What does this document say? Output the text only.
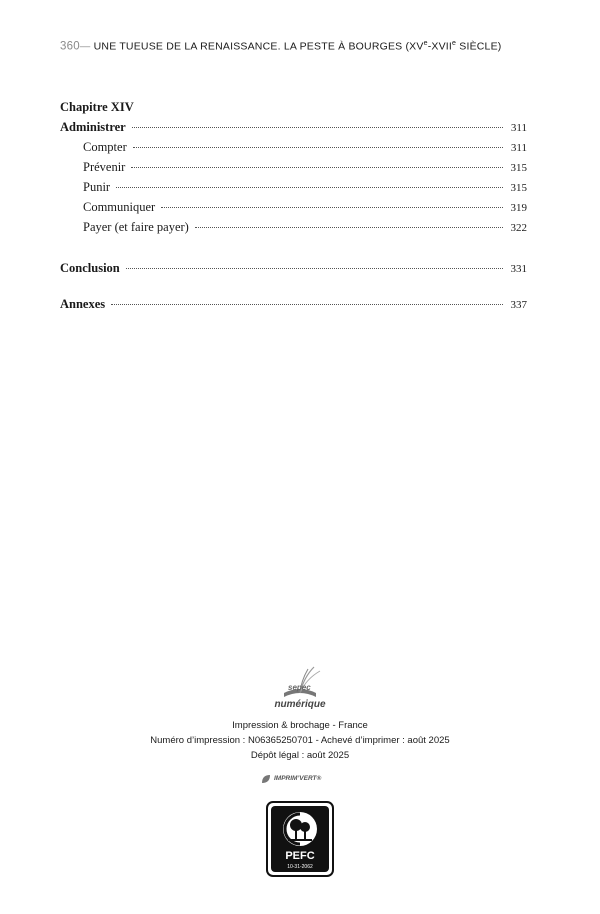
360— UNE TUEUSE DE LA RENAISSANCE. LA PESTE À BOURGES (XVe-XVIIe SIÈCLE)
Chapitre XIV
Administrer	311
Compter	311
Prévenir	315
Punir	315
Communiquer	319
Payer (et faire payer)	322
Conclusion	331
Annexes	337
sepec
numérique
Impression & brochage - France
Numéro d’impression : N06365250701 - Achevé d’imprimer : août 2025
Dépôt légal : août 2025
IMPRIM’VERT®
PEFC
10-31-2062
